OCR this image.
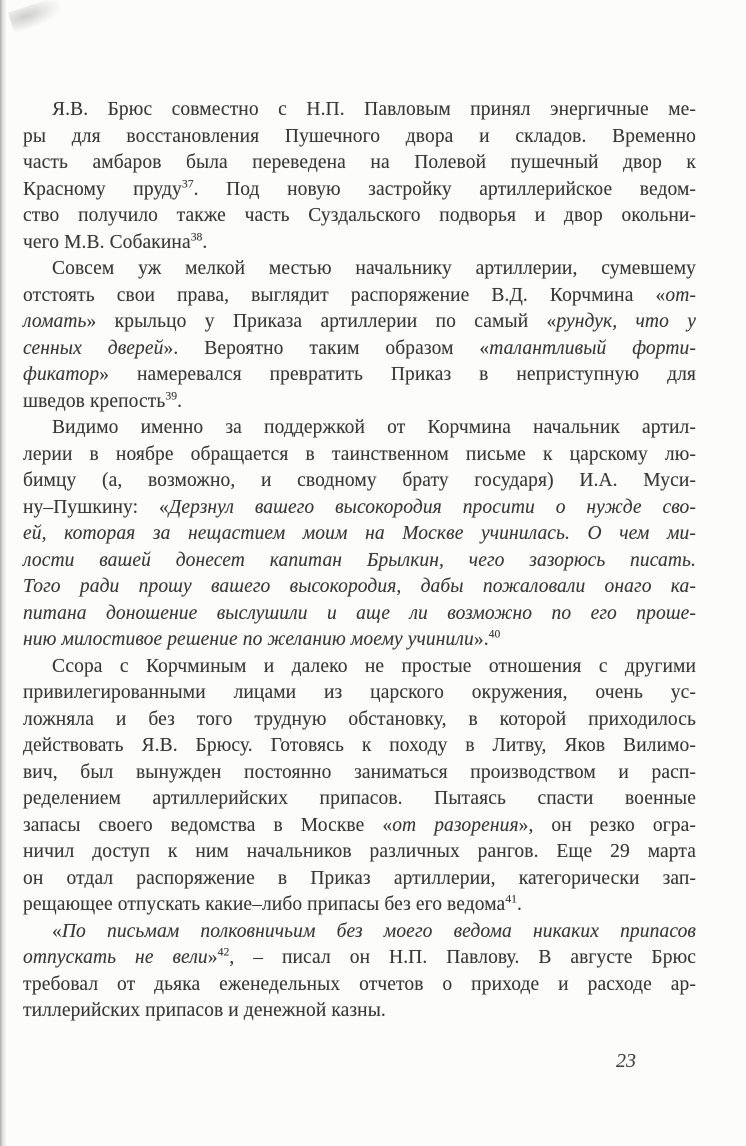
Я.В. Брюс совместно с Н.П. Павловым принял энергичные ме-
ры для восстановления Пушечного двора и складов. Временно
часть амбаров была переведена на Полевой пушечный двор к
Красному пруду$^{37}$. Под новую застройку артиллерийское ведом-
ство получило также часть Суздальского подворья и двор окольни-
чего М.В. Собакина$^{38}$.
Совсем уж мелкой местью начальнику артиллерии, сумевшему
отстоять свои права, выглядит распоряжение В.Д. Корчмина «от-
ломать» крыльцо у Приказа артиллерии по самый «рундук, что у
сенных дверей». Вероятно таким образом «талантливый форти-
фикатор» намеревался превратить Приказ в неприступную для
шведов крепость$^{39}$.
Видимо именно за поддержкой от Корчмина начальник артил-
лерии в ноябре обращается в таинственном письме к царскому лю-
бимцу (а, возможно, и сводному брату государя) И.А. Муси-
ну–Пушкину: «Дерзнул вашего высокородия просити о нужде сво-
ей, которая за нещастием моим на Москве учинилась. О чем ми-
лости вашей донесет капитан Брылкин, чего зазорюсь писать.
Того ради прошу вашего высокородия, дабы пожаловали онаго ка-
питана доношение выслушили и аще ли возможно по его проше-
нию милостивое решение по желанию моему учинили».$^{40}$
Ссора с Корчминым и далеко не простые отношения с другими
привилегированными лицами из царского окружения, очень ус-
ложняла и без того трудную обстановку, в которой приходилось
действовать Я.В. Брюсу. Готовясь к походу в Литву, Яков Вилимо-
вич, был вынужден постоянно заниматься производством и расп-
ределением артиллерийских припасов. Пытаясь спасти военные
запасы своего ведомства в Москве «от разорения», он резко огра-
ничил доступ к ним начальников различных рангов. Еще 29 марта
он отдал распоряжение в Приказ артиллерии, категорически зап-
рещающее отпускать какие–либо припасы без его ведома$^{41}$.
«По письмам полковничьим без моего ведома никаких припасов
отпускать не вели»$^{42}$, – писал он Н.П. Павлову. В августе Брюс
требовал от дьяка еженедельных отчетов о приходе и расходе ар-
тиллерийских припасов и денежной казны.
23
